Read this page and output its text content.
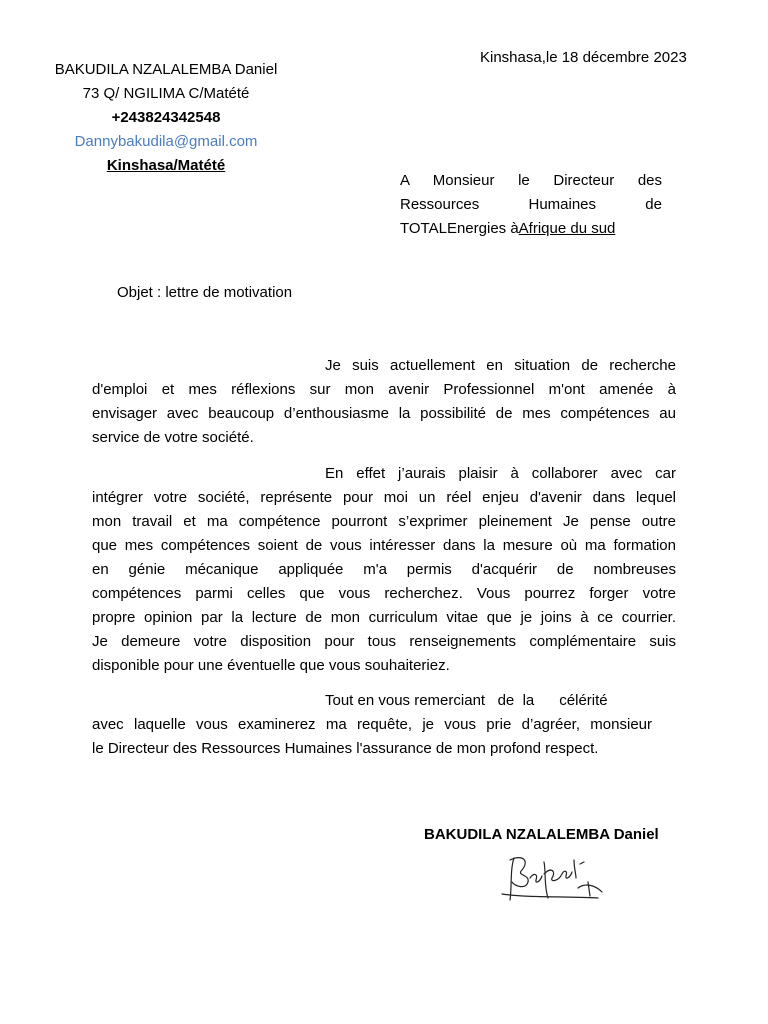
BAKUDILA NZALALEMBA Daniel
73 Q/ NGILIMA C/Matété
+243824342548
Dannybakudila@gmail.com
Kinshasa/Matété
Kinshasa,le 18 décembre 2023
A Monsieur le Directeur des
Ressources Humaines de
TOTALEnergies àAfrique du sud
Objet : lettre de motivation
Je suis actuellement en situation de recherche
d'emploi et mes réflexions sur mon avenir Professionnel m'ont amenée à
envisager avec beaucoup d’enthousiasme la possibilité de mes compétences au
service de votre société.
En effet j’aurais plaisir à collaborer avec car
intégrer votre société, représente pour moi un réel enjeu d'avenir dans lequel
mon travail et ma compétence pourront s’exprimer pleinement Je pense outre
que mes compétences soient de vous intéresser dans la mesure où ma formation
en génie mécanique appliquée m'a permis d'acquérir de nombreuses
compétences parmi celles que vous recherchez. Vous pourrez forger votre
propre opinion par la lecture de mon curriculum vitae que je joins à ce courrier.
Je demeure votre disposition pour tous renseignements complémentaire suis
disponible pour une éventuelle que vous souhaiteriez.
Tout en vous remerciant   de  la      célérité
avec laquelle vous examinerez ma requête, je vous prie d’agréer, monsieur
le Directeur des Ressources Humaines l'assurance de mon profond respect.
BAKUDILA NZALALEMBA Daniel
